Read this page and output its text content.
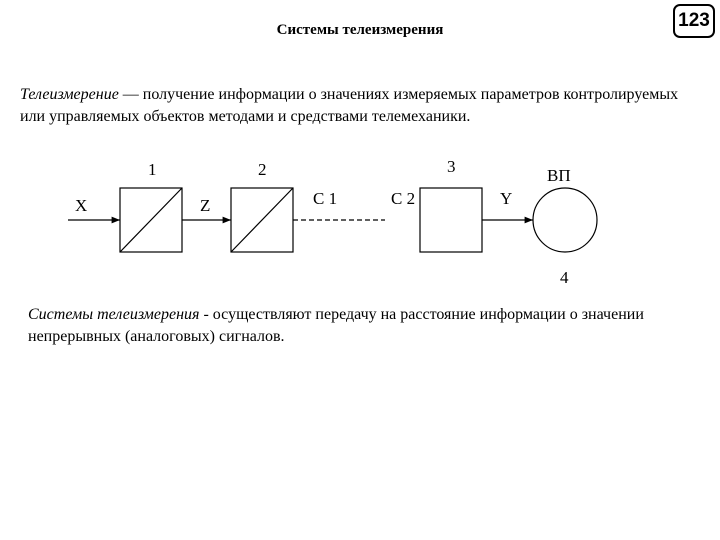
123
Системы телеизмерения

Телеизмерение — получение информации о значениях измеряемых параметров контролируемых или управляемых объектов методами и средствами телемеханики.

1	2	3
4
X	Z	C 1	C 2	Y
ВП

Системы телеизмерения - осуществляют передачу на расстояние информации о значении непрерывных (аналоговых) сигналов.
